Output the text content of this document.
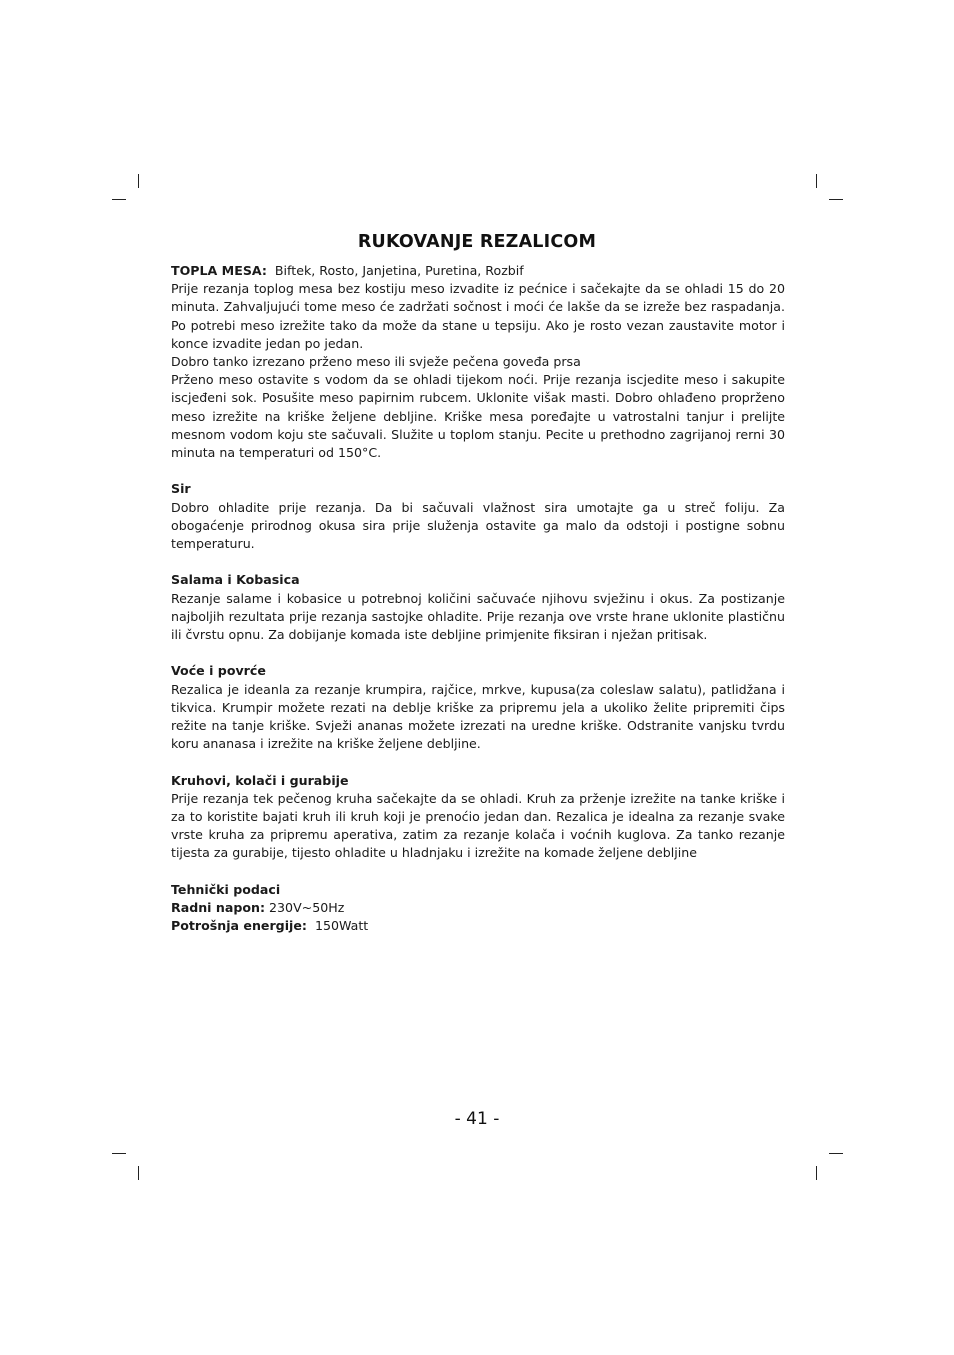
RUKOVANJE REZALICOM

TOPLA MESA: Biftek, Rosto, Janjetina, Puretina, Rozbif

Prije rezanja toplog mesa bez kostiju meso izvadite iz pećnice i sačekajte da se ohladi 15 do 20 minuta. Zahvaljujući tome meso će zadržati sočnost i moći će lakše da se izreže bez raspadanja. Po potrebi meso izrežite tako da može da stane u tepsiju. Ako je rosto vezan zaustavite motor i konce izvadite jedan po jedan.

Dobro tanko izrezano prženo meso ili svježe pečena goveđa prsa

Prženo meso ostavite s vodom da se ohladi tijekom noći. Prije rezanja iscjedite meso i sakupite iscjeđeni sok. Posušite meso papirnim rubcem. Uklonite višak masti. Dobro ohlađeno proprženo meso izrežite na kriške željene debljine. Kriške mesa poređajte u vatrostalni tanjur i prelijte mesnom vodom koju ste sačuvali. Služite u toplom stanju. Pecite u prethodno zagrijanoj rerni 30 minuta na temperaturi od 150°C.

Sir

Dobro ohladite prije rezanja. Da bi sačuvali vlažnost sira umotajte ga u streč foliju. Za obogaćenje prirodnog okusa sira prije služenja ostavite ga malo da odstoji i postigne sobnu temperaturu.

Salama i Kobasica

Rezanje salame i kobasice u potrebnoj količini sačuvaće njihovu svježinu i okus. Za postizanje najboljih rezultata prije rezanja sastojke ohladite. Prije rezanja ove vrste hrane uklonite plastičnu ili čvrstu opnu. Za dobijanje komada iste debljine primjenite fiksiran i nježan pritisak.

Voće i povrće

Rezalica je ideanla za rezanje krumpira, rajčice, mrkve, kupusa(za coleslaw salatu), patlidžana i tikvica. Krumpir možete rezati na deblje kriške za pripremu jela a ukoliko želite pripremiti čips režite na tanje kriške. Svježi ananas možete izrezati na uredne kriške. Odstranite vanjsku tvrdu koru ananasa i izrežite na kriške željene debljine.

Kruhovi, kolači i gurabije

Prije rezanja tek pečenog kruha sačekajte da se ohladi. Kruh za prženje izrežite na tanke kriške i za to koristite bajati kruh ili kruh koji je prenoćio jedan dan. Rezalica je idealna za rezanje svake vrste kruha za pripremu aperativa, zatim za rezanje kolača i voćnih kuglova. Za tanko rezanje tijesta za gurabije, tijesto ohladite u hladnjaku i izrežite na komade željene debljine

Tehnički podaci

Radni napon: 230V~50Hz

Potrošnja energije: 150Watt

- 41 -
